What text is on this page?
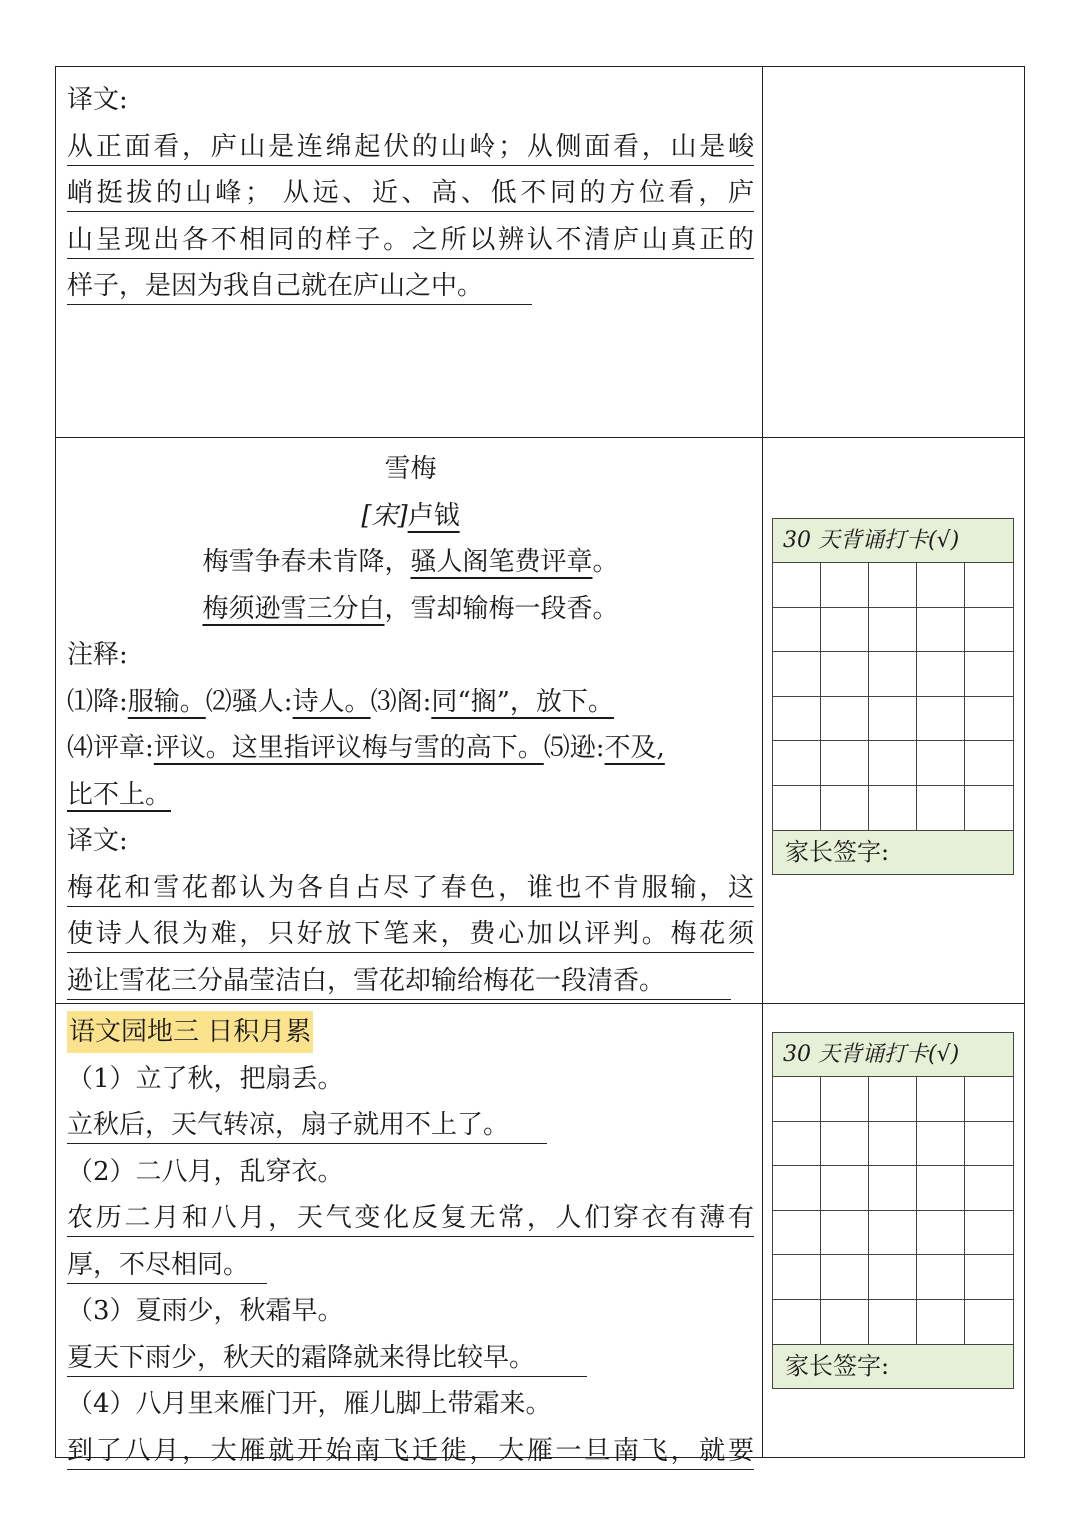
译文:
从正面看，庐山是连绵起伏的山岭；从侧面看，山是峻
峭挺拔的山峰； 从远、近、高、低不同的方位看，庐
山呈现出各不相同的样子。之所以辨认不清庐山真正的
样子，是因为我自己就在庐山之中。
雪梅
[宋]卢钺
梅雪争春未肯降，骚人阁笔费评章。
梅须逊雪三分白，雪却输梅一段香。
注释:
⑴降:服输。⑵骚人:诗人。⑶阁:同“搁”，放下。
⑷评章:评议。这里指评议梅与雪的高下。⑸逊:不及,
比不上。
译文:
梅花和雪花都认为各自占尽了春色，谁也不肯服输，这
使诗人很为难，只好放下笔来，费心加以评判。梅花须
逊让雪花三分晶莹洁白，雪花却输给梅花一段清香。
30 天背诵打卡(√)
家长签字:
语文园地三 日积月累
（1）立了秋，把扇丢。
立秋后，天气转凉，扇子就用不上了。
（2）二八月，乱穿衣。
农历二月和八月，天气变化反复无常，人们穿衣有薄有
厚，不尽相同。
（3）夏雨少，秋霜早。
夏天下雨少，秋天的霜降就来得比较早。
（4）八月里来雁门开，雁儿脚上带霜来。
到了八月，大雁就开始南飞迁徙，大雁一旦南飞，就要
30 天背诵打卡(√)
家长签字:
